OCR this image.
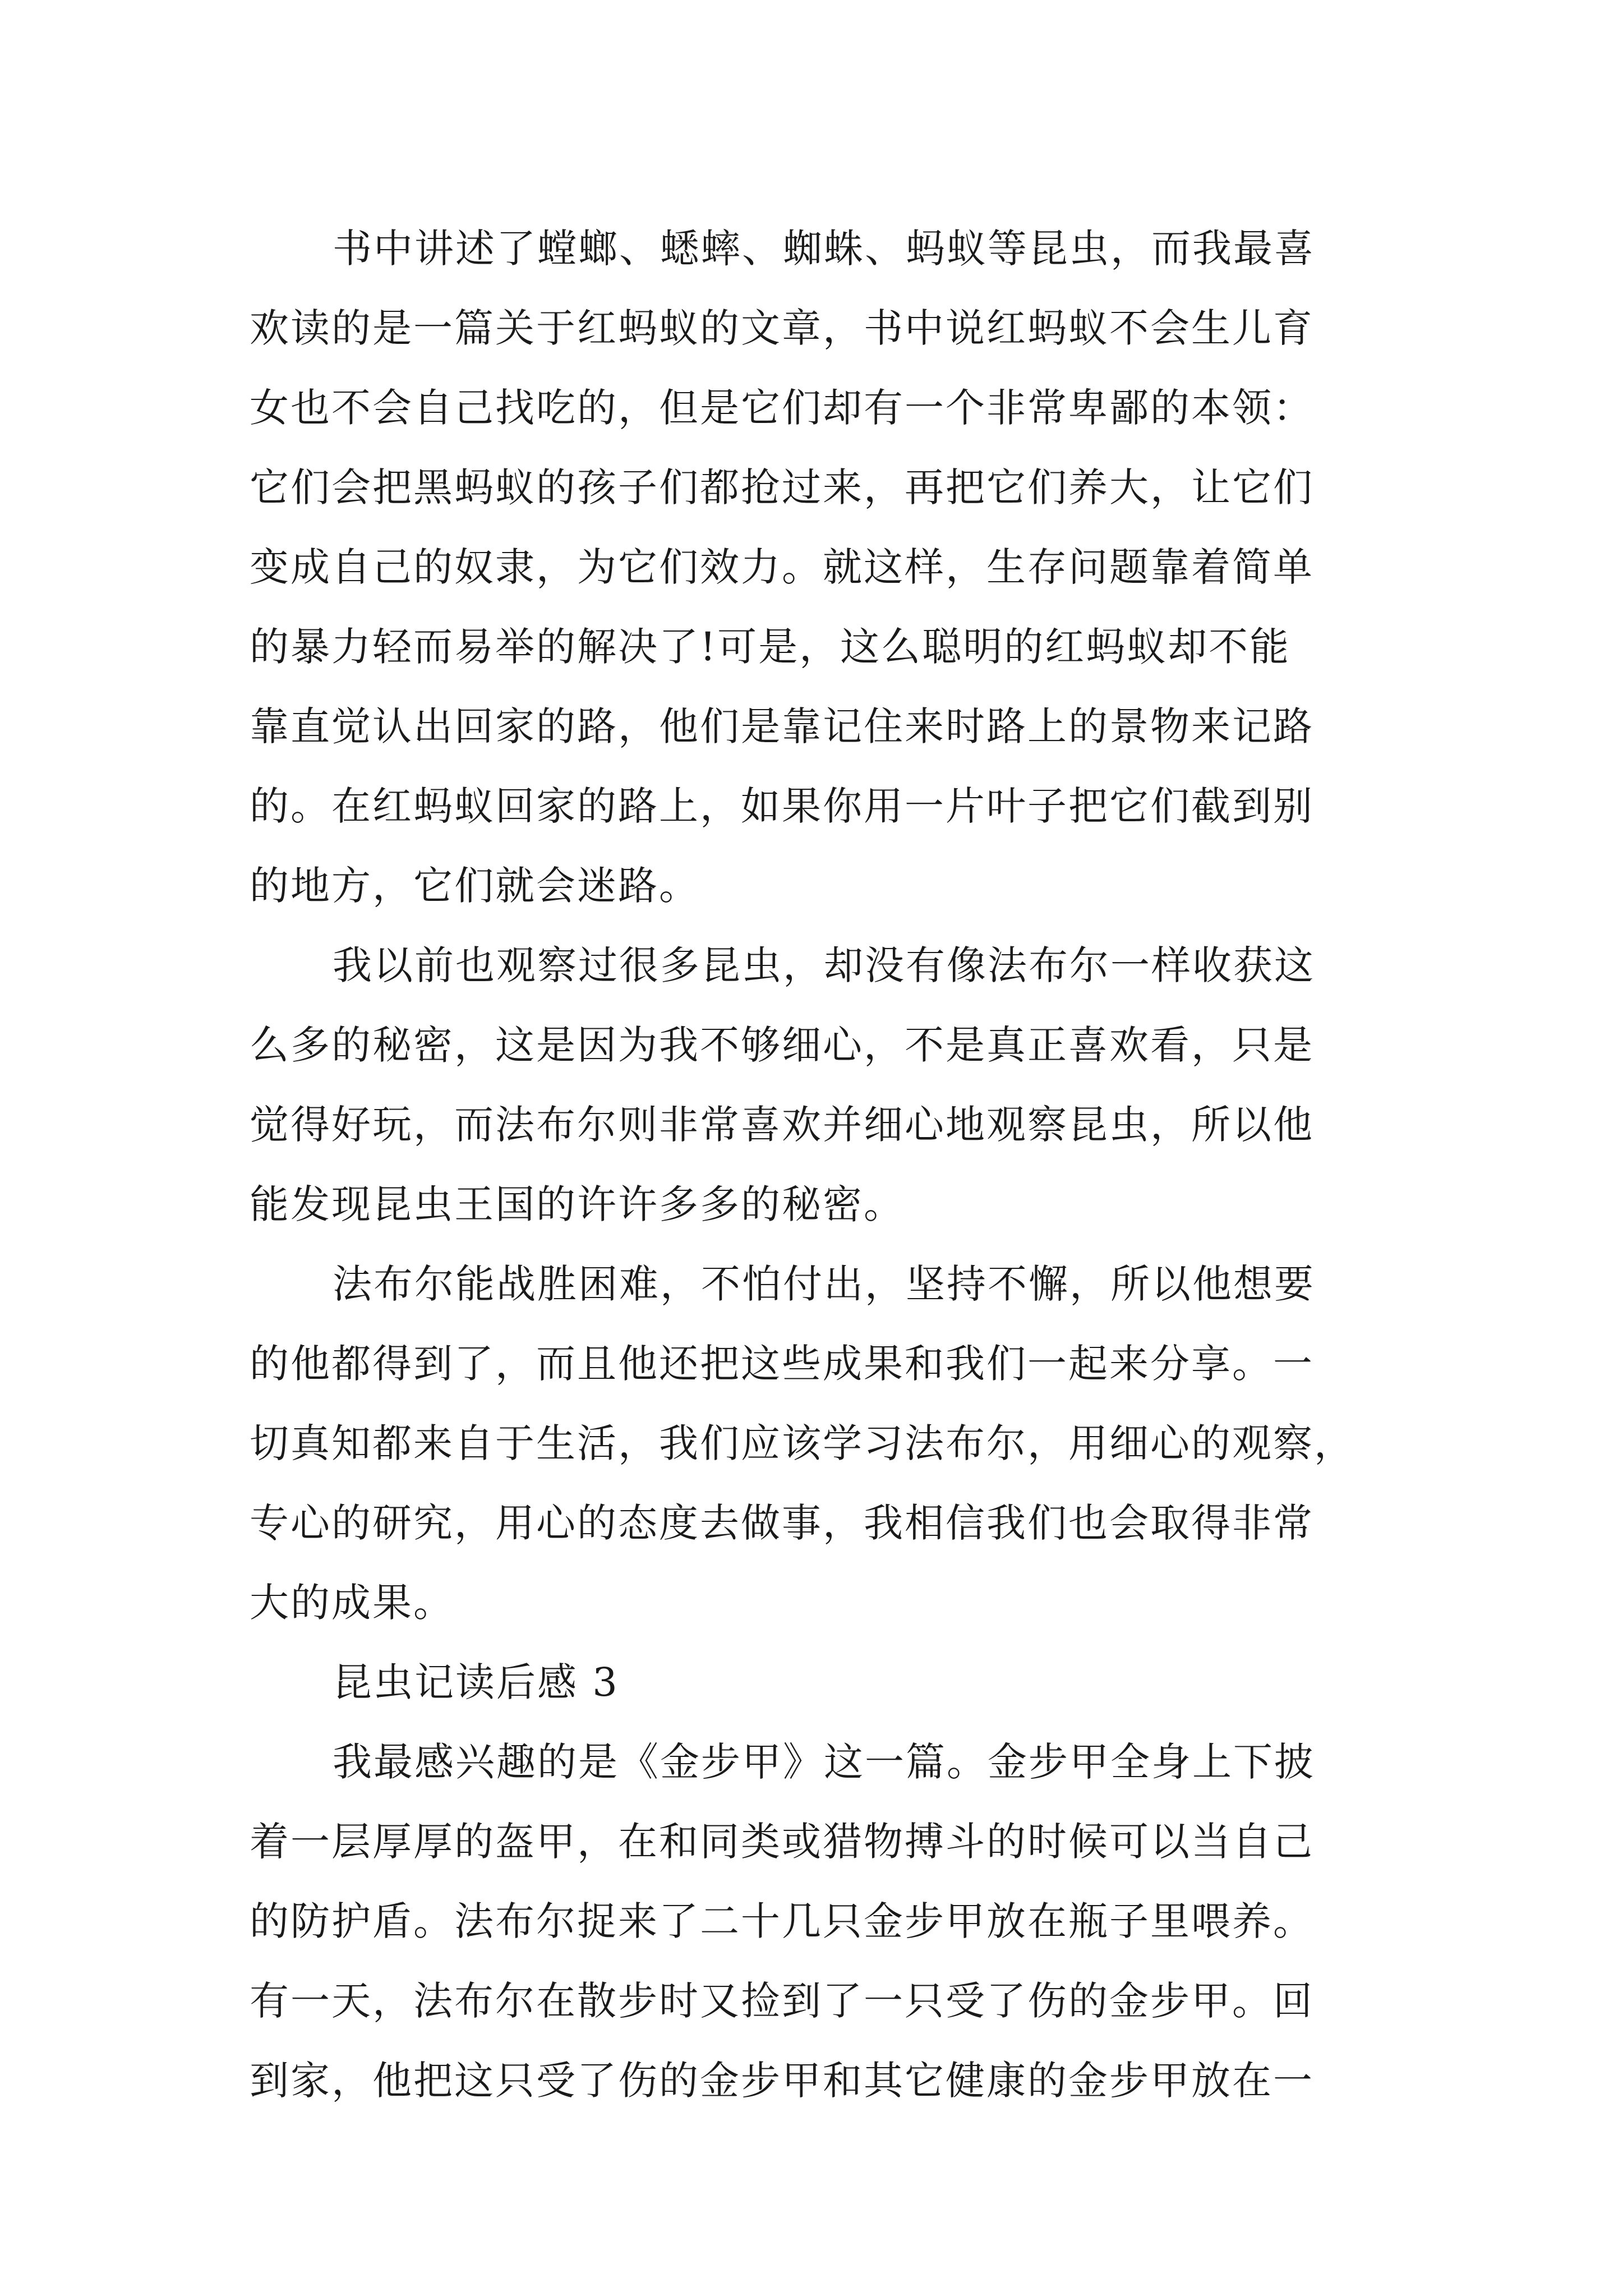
书中讲述了螳螂、蟋蟀、蜘蛛、蚂蚁等昆虫，而我最喜
欢读的是一篇关于红蚂蚁的文章，书中说红蚂蚁不会生儿育
女也不会自己找吃的，但是它们却有一个非常卑鄙的本领：
它们会把黑蚂蚁的孩子们都抢过来，再把它们养大，让它们
变成自己的奴隶，为它们效力。就这样，生存问题靠着简单
的暴力轻而易举的解决了!可是，这么聪明的红蚂蚁却不能
靠直觉认出回家的路，他们是靠记住来时路上的景物来记路
的。在红蚂蚁回家的路上，如果你用一片叶子把它们截到别
的地方，它们就会迷路。
我以前也观察过很多昆虫，却没有像法布尔一样收获这
么多的秘密，这是因为我不够细心，不是真正喜欢看，只是
觉得好玩，而法布尔则非常喜欢并细心地观察昆虫，所以他
能发现昆虫王国的许许多多的秘密。
法布尔能战胜困难，不怕付出，坚持不懈，所以他想要
的他都得到了，而且他还把这些成果和我们一起来分享。一
切真知都来自于生活，我们应该学习法布尔，用细心的观察，
专心的研究，用心的态度去做事，我相信我们也会取得非常
大的成果。
昆虫记读后感 3
我最感兴趣的是《金步甲》这一篇。金步甲全身上下披
着一层厚厚的盔甲，在和同类或猎物搏斗的时候可以当自己
的防护盾。法布尔捉来了二十几只金步甲放在瓶子里喂养。
有一天，法布尔在散步时又捡到了一只受了伤的金步甲。回
到家，他把这只受了伤的金步甲和其它健康的金步甲放在一
